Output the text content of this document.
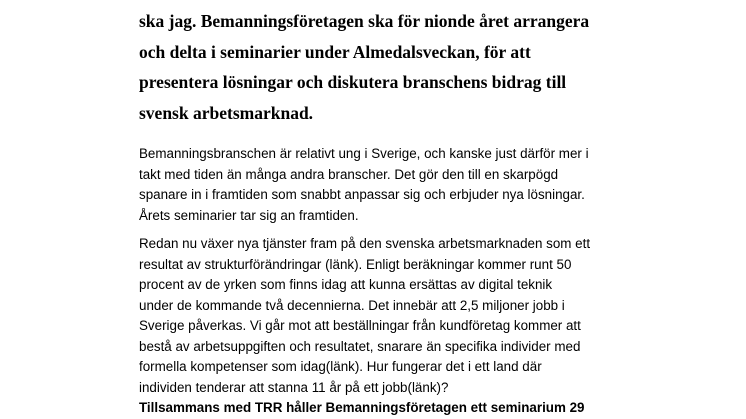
ska jag. Bemanningsföretagen ska för nionde året arrangera
och delta i seminarier under Almedalsveckan, för att
presentera lösningar och diskutera branschens bidrag till
svensk arbetsmarknad.
Bemanningsbranschen är relativt ung i Sverige, och kanske just därför mer i
takt med tiden än många andra branscher. Det gör den till en skarpögd
spanare in i framtiden som snabbt anpassar sig och erbjuder nya lösningar.
Årets seminarier tar sig an framtiden.
Redan nu växer nya tjänster fram på den svenska arbetsmarknaden som ett
resultat av strukturförändringar (länk). Enligt beräkningar kommer runt 50
procent av de yrken som finns idag att kunna ersättas av digital teknik
under de kommande två decennierna. Det innebär att 2,5 miljoner jobb i
Sverige påverkas. Vi går mot att beställningar från kundföretag kommer att
bestå av arbetsuppgiften och resultatet, snarare än specifika individer med
formella kompetenser som idag(länk). Hur fungerar det i ett land där
individen tenderar att stanna 11 år på ett jobb(länk)?
Tillsammans med TRR håller Bemanningsföretagen ett seminarium 29
